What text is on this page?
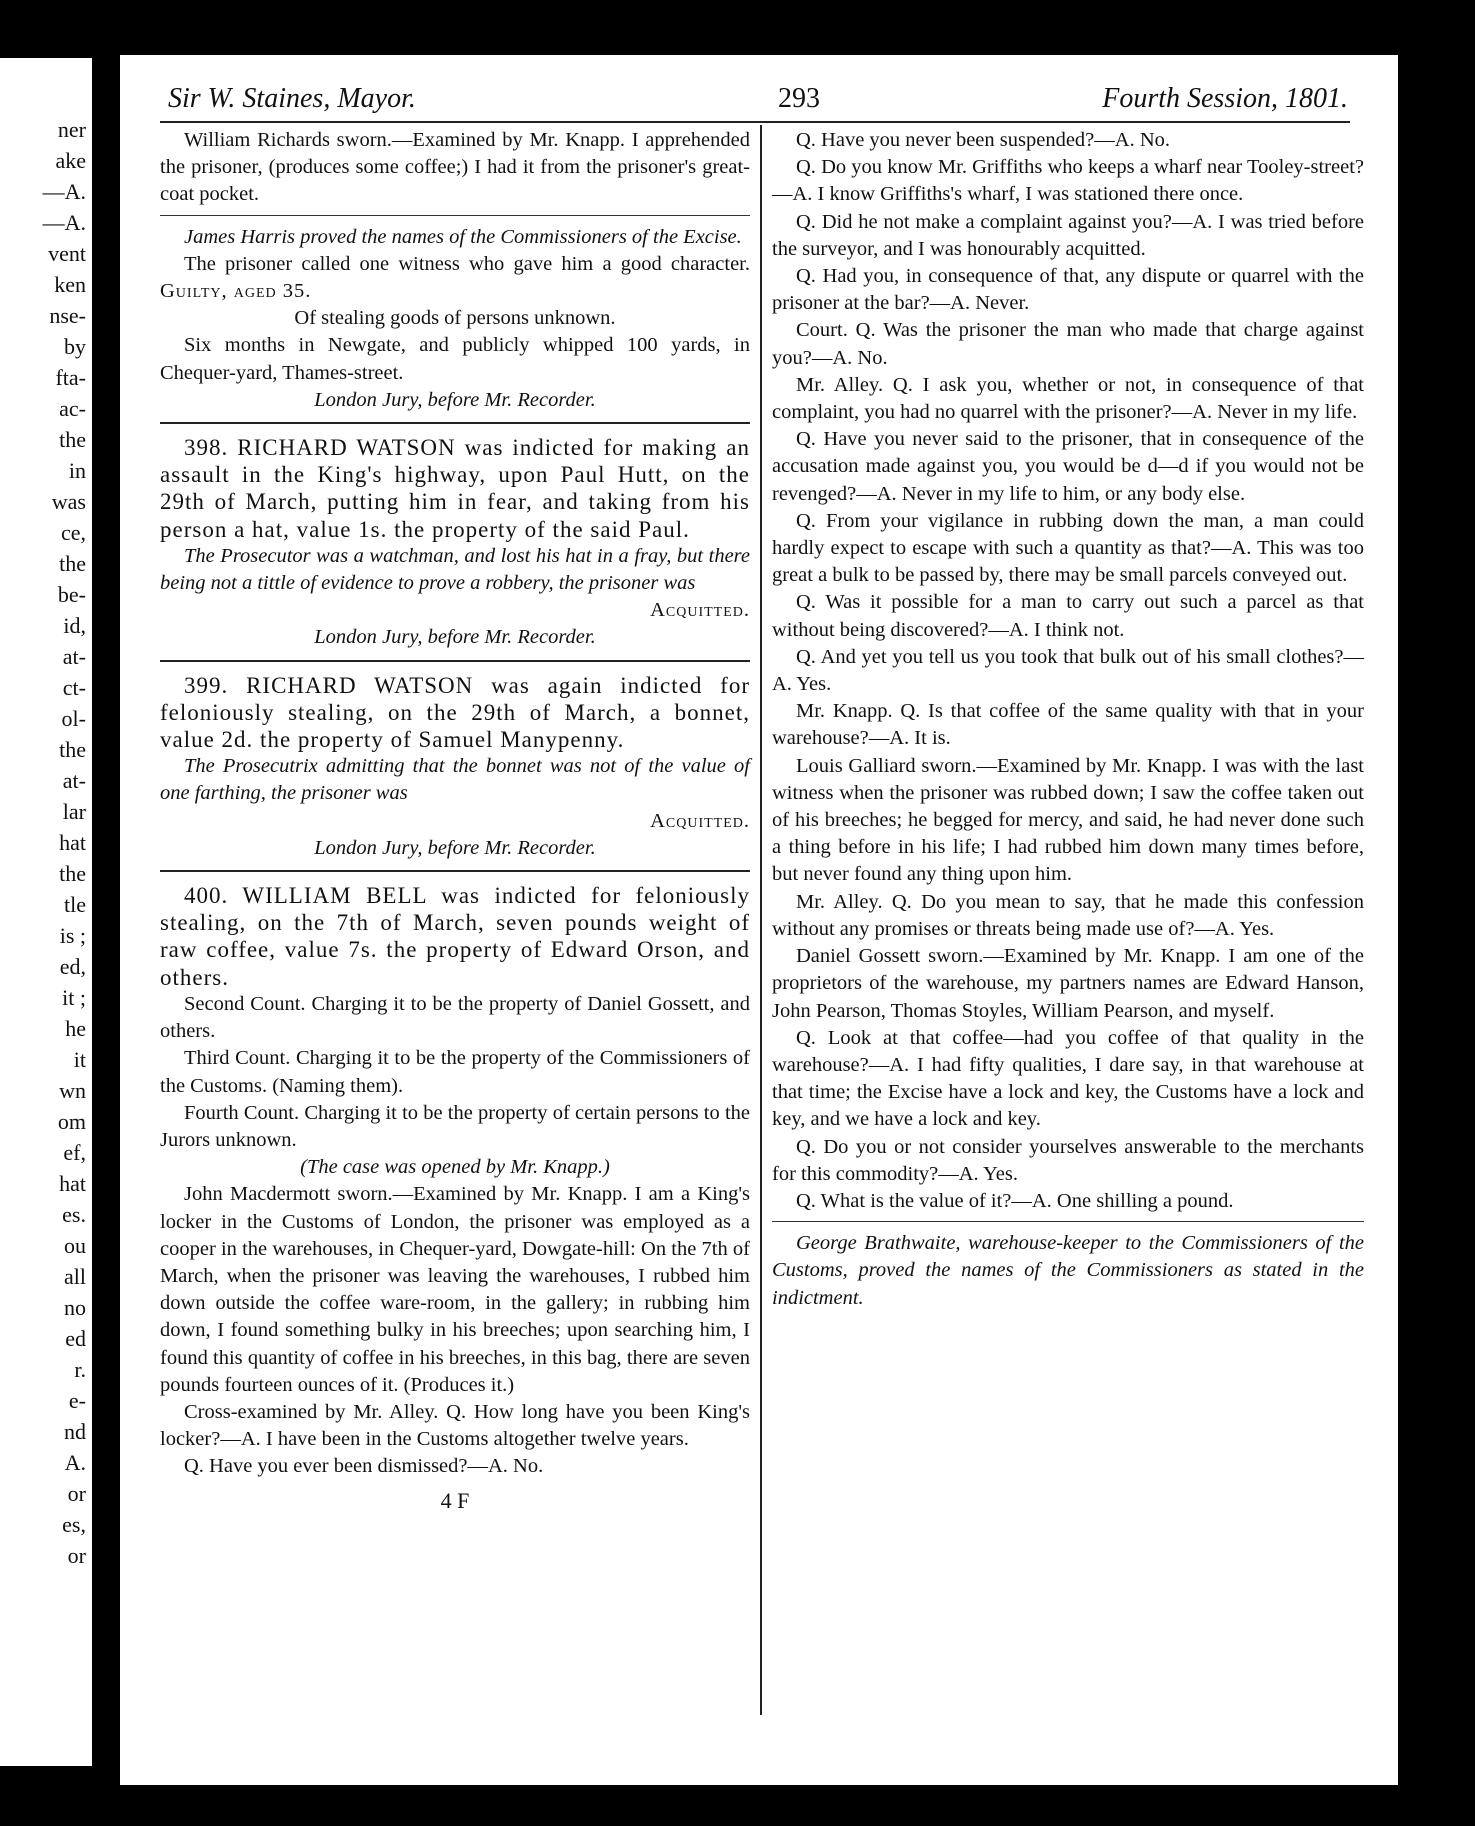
ner
ake
—A.
—A.
vent
ken
nse-
by
fta-
ac-
the
in
was
ce,
the
be-
id,
at-
ct-
ol-
the
at-
lar
hat
the
tle
is ;
ed,
it ;
he
it
wn
om
ef,
hat
es.
ou
all
no
ed
r.
e-
nd
A.
or
es,
or
Sir W. Staines, Mayor.	293	Fourth Session, 1801.

William Richards sworn.—Examined by Mr. Knapp. I apprehended the prisoner, (produces some coffee;) I had it from the prisoner's great-coat pocket.

James Harris proved the names of the Commissioners of the Excise.

The prisoner called one witness who gave him a good character. Guilty, aged 35.

Of stealing goods of persons unknown.

Six months in Newgate, and publicly whipped 100 yards, in Chequer-yard, Thames-street.

London Jury, before Mr. Recorder.

398. RICHARD WATSON was indicted for making an assault in the King's highway, upon Paul Hutt, on the 29th of March, putting him in fear, and taking from his person a hat, value 1s. the property of the said Paul.

The Prosecutor was a watchman, and lost his hat in a fray, but there being not a tittle of evidence to prove a robbery, the prisoner was

Acquitted.

London Jury, before Mr. Recorder.

399. RICHARD WATSON was again indicted for feloniously stealing, on the 29th of March, a bonnet, value 2d. the property of Samuel Manypenny.

The Prosecutrix admitting that the bonnet was not of the value of one farthing, the prisoner was

Acquitted.

London Jury, before Mr. Recorder.

400. WILLIAM BELL was indicted for feloniously stealing, on the 7th of March, seven pounds weight of raw coffee, value 7s. the property of Edward Orson, and others.

Second Count. Charging it to be the property of Daniel Gossett, and others.

Third Count. Charging it to be the property of the Commissioners of the Customs. (Naming them).

Fourth Count. Charging it to be the property of certain persons to the Jurors unknown.

(The case was opened by Mr. Knapp.)

John Macdermott sworn.—Examined by Mr. Knapp. I am a King's locker in the Customs of London, the prisoner was employed as a cooper in the warehouses, in Chequer-yard, Dowgate-hill: On the 7th of March, when the prisoner was leaving the warehouses, I rubbed him down outside the coffee ware-room, in the gallery; in rubbing him down, I found something bulky in his breeches; upon searching him, I found this quantity of coffee in his breeches, in this bag, there are seven pounds fourteen ounces of it. (Produces it.)

Cross-examined by Mr. Alley. Q. How long have you been King's locker?—A. I have been in the Customs altogether twelve years.

Q. Have you ever been dismissed?—A. No.

4 F

Q. Have you never been suspended?—A. No.

Q. Do you know Mr. Griffiths who keeps a wharf near Tooley-street?—A. I know Griffiths's wharf, I was stationed there once.

Q. Did he not make a complaint against you?—A. I was tried before the surveyor, and I was honourably acquitted.

Q. Had you, in consequence of that, any dispute or quarrel with the prisoner at the bar?—A. Never.

Court. Q. Was the prisoner the man who made that charge against you?—A. No.

Mr. Alley. Q. I ask you, whether or not, in consequence of that complaint, you had no quarrel with the prisoner?—A. Never in my life.

Q. Have you never said to the prisoner, that in consequence of the accusation made against you, you would be d—d if you would not be revenged?—A. Never in my life to him, or any body else.

Q. From your vigilance in rubbing down the man, a man could hardly expect to escape with such a quantity as that?—A. This was too great a bulk to be passed by, there may be small parcels conveyed out.

Q. Was it possible for a man to carry out such a parcel as that without being discovered?—A. I think not.

Q. And yet you tell us you took that bulk out of his small clothes?—A. Yes.

Mr. Knapp. Q. Is that coffee of the same quality with that in your warehouse?—A. It is.

Louis Galliard sworn.—Examined by Mr. Knapp. I was with the last witness when the prisoner was rubbed down; I saw the coffee taken out of his breeches; he begged for mercy, and said, he had never done such a thing before in his life; I had rubbed him down many times before, but never found any thing upon him.

Mr. Alley. Q. Do you mean to say, that he made this confession without any promises or threats being made use of?—A. Yes.

Daniel Gossett sworn.—Examined by Mr. Knapp. I am one of the proprietors of the warehouse, my partners names are Edward Hanson, John Pearson, Thomas Stoyles, William Pearson, and myself.

Q. Look at that coffee—had you coffee of that quality in the warehouse?—A. I had fifty qualities, I dare say, in that warehouse at that time; the Excise have a lock and key, the Customs have a lock and key, and we have a lock and key.

Q. Do you or not consider yourselves answerable to the merchants for this commodity?—A. Yes.

Q. What is the value of it?—A. One shilling a pound.

George Brathwaite, warehouse-keeper to the Commissioners of the Customs, proved the names of the Commissioners as stated in the indictment.
